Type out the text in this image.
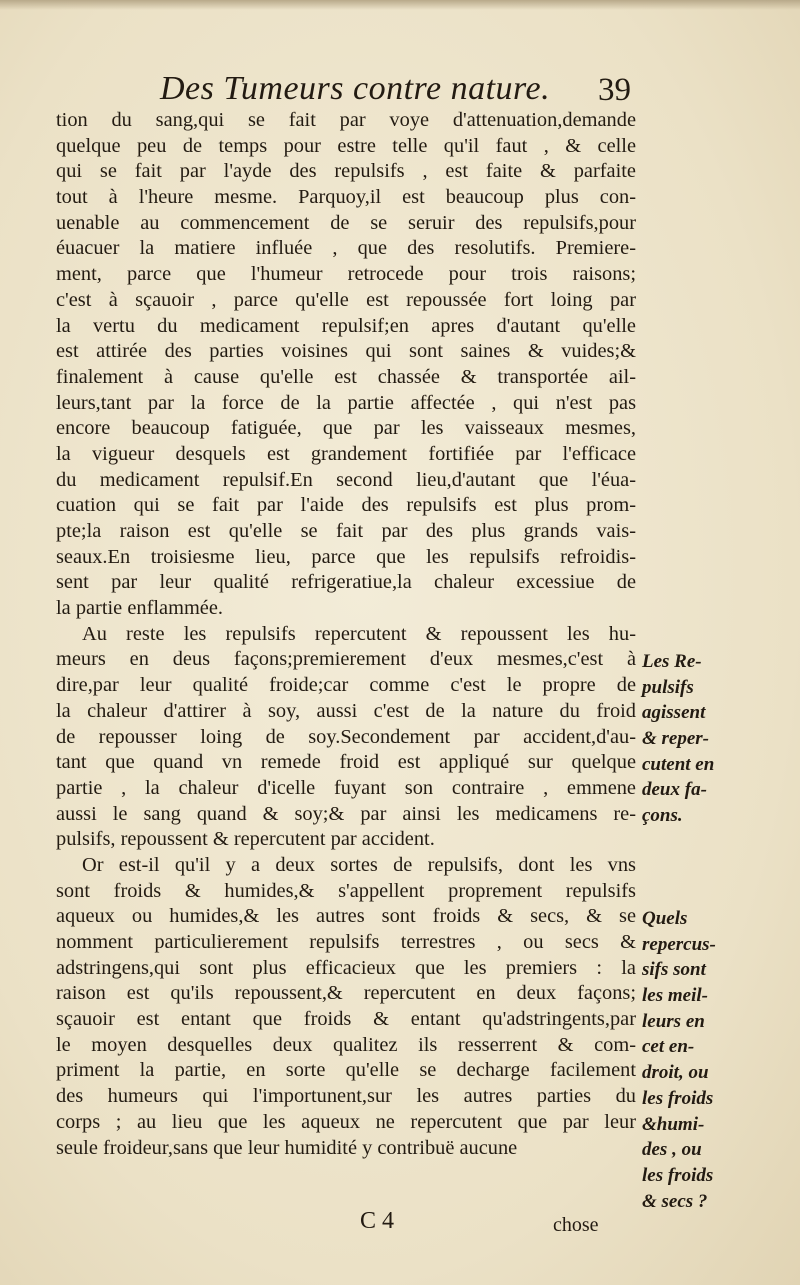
Des Tumeurs contre nature. 39
tion du sang,qui se fait par voye d'attenuation,demande
quelque peu de temps pour estre telle qu'il faut , & celle
qui se fait par l'ayde des repulsifs , est faite & parfaite
tout à l'heure mesme. Parquoy,il est beaucoup plus con-
uenable au commencement de se seruir des repulsifs,pour
éuacuer la matiere influée , que des resolutifs. Premiere-
ment, parce que l'humeur retrocede pour trois raisons;
c'est à sçauoir , parce qu'elle est repoussée fort loing par
la vertu du medicament repulsif;en apres d'autant qu'elle
est attirée des parties voisines qui sont saines & vuides;&
finalement à cause qu'elle est chassée & transportée ail-
leurs,tant par la force de la partie affectée , qui n'est pas
encore beaucoup fatiguée, que par les vaisseaux mesmes,
la vigueur desquels est grandement fortifiée par l'efficace
du medicament repulsif.En second lieu,d'autant que l'éua-
cuation qui se fait par l'aide des repulsifs est plus prom-
pte;la raison est qu'elle se fait par des plus grands vais-
seaux.En troisiesme lieu, parce que les repulsifs refroidis-
sent par leur qualité refrigeratiue,la chaleur excessiue de
la partie enflammée.
Au reste les repulsifs repercutent & repoussent les hu-
meurs en deus façons;premierement d'eux mesmes,c'est à
dire,par leur qualité froide;car comme c'est le propre de
la chaleur d'attirer à soy, aussi c'est de la nature du froid
de repousser loing de soy.Secondement par accident,d'au-
tant que quand vn remede froid est appliqué sur quelque
partie , la chaleur d'icelle fuyant son contraire , emmene
aussi le sang quand & soy;& par ainsi les medicamens re-
pulsifs, repoussent & repercutent par accident.
Or est-il qu'il y a deux sortes de repulsifs, dont les vns
sont froids & humides,& s'appellent proprement repulsifs
aqueux ou humides,& les autres sont froids & secs, & se
nomment particulierement repulsifs terrestres , ou secs &
adstringens,qui sont plus efficacieux que les premiers : la
raison est qu'ils repoussent,& repercutent en deux façons;
sçauoir est entant que froids & entant qu'adstringents,par
le moyen desquelles deux qualitez ils resserrent & com-
priment la partie, en sorte qu'elle se decharge facilement
des humeurs qui l'importunent,sur les autres parties du
corps ; au lieu que les aqueux ne repercutent que par leur
seule froideur,sans que leur humidité y contribuë aucune
Les Re-
pulsifs
agissent
& reper-
cutent en
deux fa-
çons.
Quels
repercus-
sifs sont
les meil-
leurs en
cet en-
droit, ou
les froids
&humi-
des , ou
les froids
& secs ?
C 4	chose
